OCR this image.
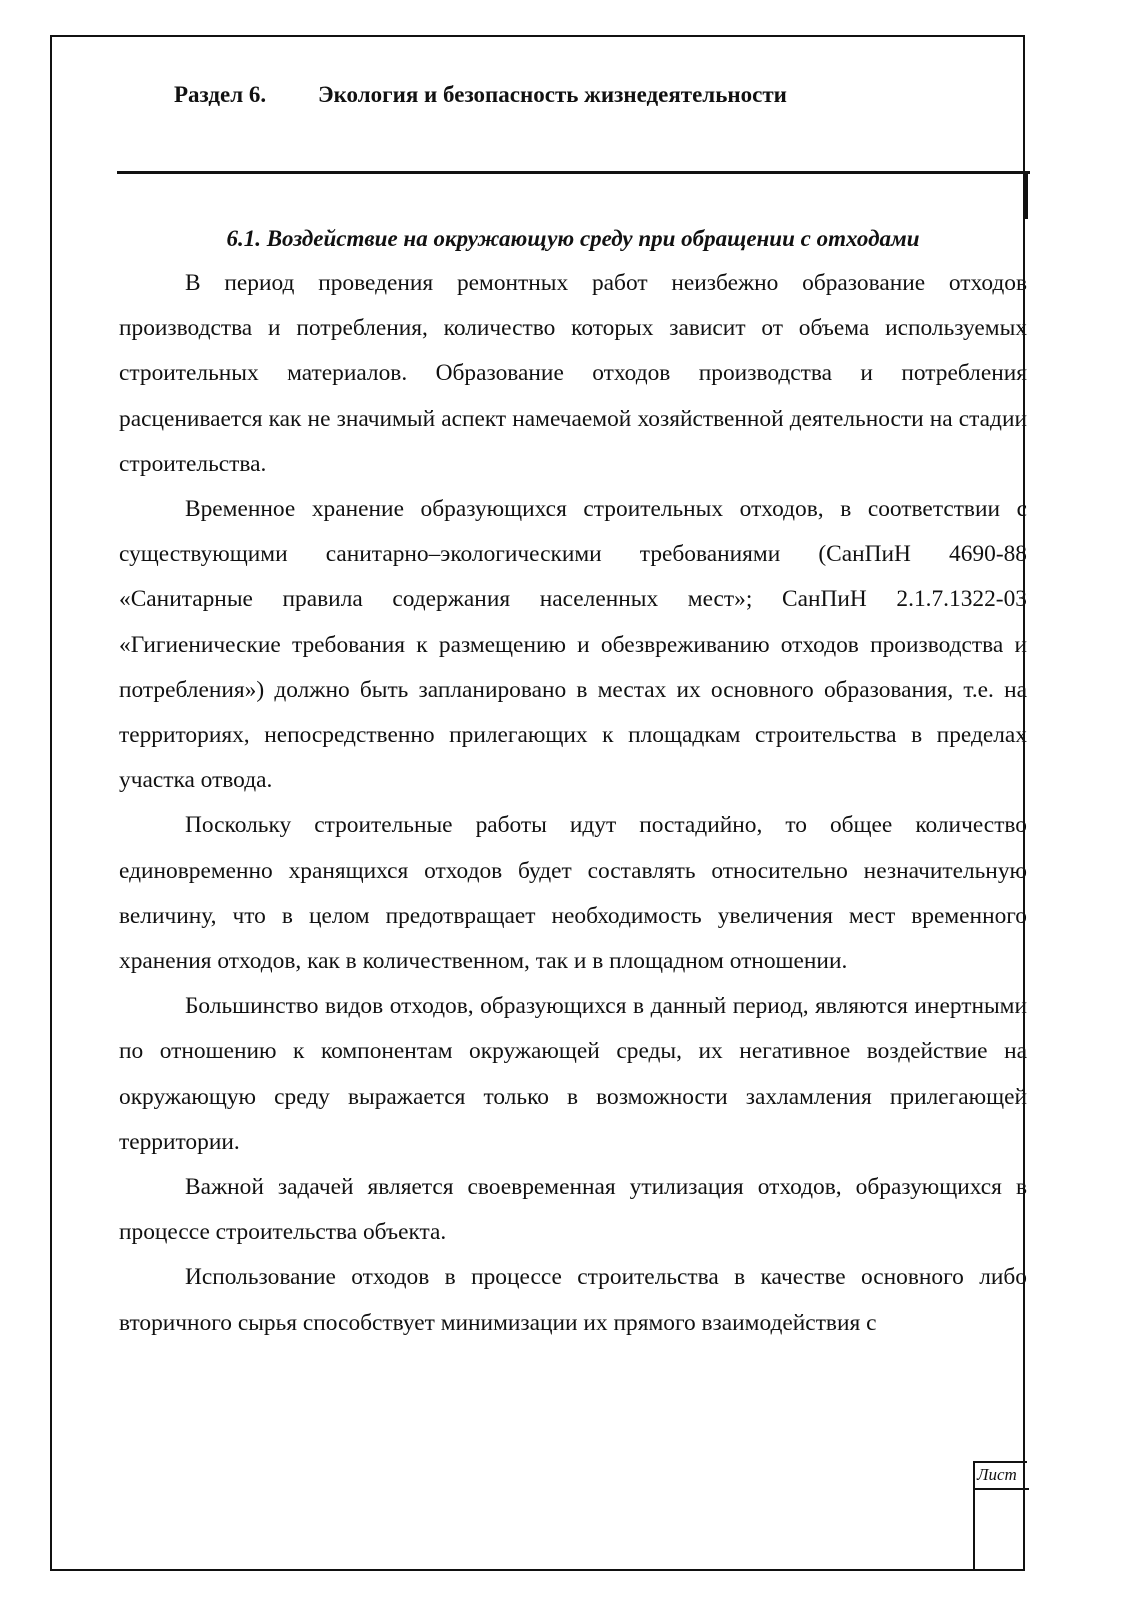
Раздел 6. Экология и безопасность жизнедеятельности

6.1. Воздействие на окружающую среду при обращении с отходами

В период проведения ремонтных работ неизбежно образование отходов производства и потребления, количество которых зависит от объема используемых строительных материалов. Образование отходов производства и потребления расценивается как не значимый аспект намечаемой хозяйственной деятельности на стадии строительства.

Временное хранение образующихся строительных отходов, в соответствии с существующими санитарно–экологическими требованиями (СанПиН 4690-88 «Санитарные правила содержания населенных мест»; СанПиН 2.1.7.1322-03 «Гигиенические требования к размещению и обезвреживанию отходов производства и потребления») должно быть запланировано в местах их основного образования, т.е. на территориях, непосредственно прилегающих к площадкам строительства в пределах участка отвода.

Поскольку строительные работы идут постадийно, то общее количество единовременно хранящихся отходов будет составлять относительно незначительную величину, что в целом предотвращает необходимость увеличения мест временного хранения отходов, как в количественном, так и в площадном отношении.

Большинство видов отходов, образующихся в данный период, являются инертными по отношению к компонентам окружающей среды, их негативное воздействие на окружающую среду выражается только в возможности захламления прилегающей территории.

Важной задачей является своевременная утилизация отходов, образующихся в процессе строительства объекта.

Использование отходов в процессе строительства в качестве основного либо вторичного сырья способствует минимизации их прямого взаимодействия с

Лист
